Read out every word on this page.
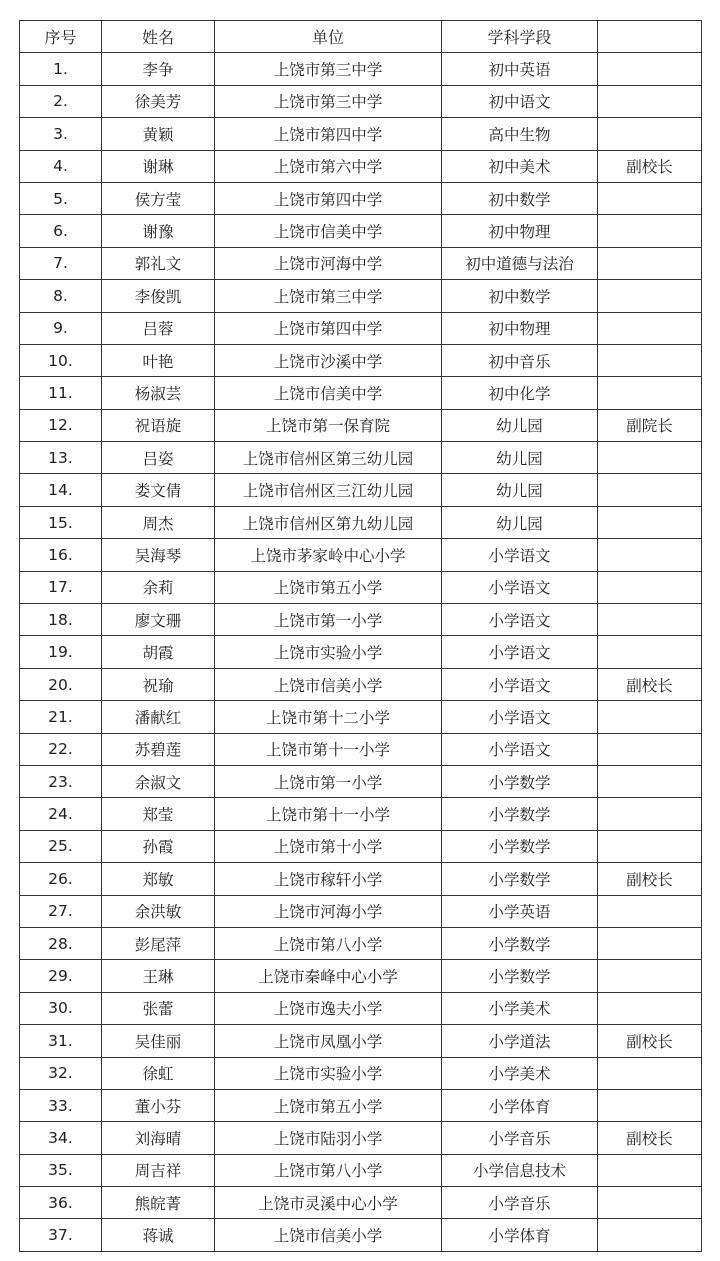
序号	姓名	单位	学科学段	
1.	李争	上饶市第三中学	初中英语	
2.	徐美芳	上饶市第三中学	初中语文	
3.	黄颖	上饶市第四中学	高中生物	
4.	谢琳	上饶市第六中学	初中美术	副校长
5.	侯方莹	上饶市第四中学	初中数学	
6.	谢豫	上饶市信美中学	初中物理	
7.	郭礼文	上饶市河海中学	初中道德与法治	
8.	李俊凯	上饶市第三中学	初中数学	
9.	吕蓉	上饶市第四中学	初中物理	
10.	叶艳	上饶市沙溪中学	初中音乐	
11.	杨淑芸	上饶市信美中学	初中化学	
12.	祝语旋	上饶市第一保育院	幼儿园	副院长
13.	吕姿	上饶市信州区第三幼儿园	幼儿园	
14.	娄文倩	上饶市信州区三江幼儿园	幼儿园	
15.	周杰	上饶市信州区第九幼儿园	幼儿园	
16.	吴海琴	上饶市茅家岭中心小学	小学语文	
17.	余莉	上饶市第五小学	小学语文	
18.	廖文珊	上饶市第一小学	小学语文	
19.	胡霞	上饶市实验小学	小学语文	
20.	祝瑜	上饶市信美小学	小学语文	副校长
21.	潘献红	上饶市第十二小学	小学语文	
22.	苏碧莲	上饶市第十一小学	小学语文	
23.	余淑文	上饶市第一小学	小学数学	
24.	郑莹	上饶市第十一小学	小学数学	
25.	孙霞	上饶市第十小学	小学数学	
26.	郑敏	上饶市稼轩小学	小学数学	副校长
27.	余洪敏	上饶市河海小学	小学英语	
28.	彭尾萍	上饶市第八小学	小学数学	
29.	王琳	上饶市秦峰中心小学	小学数学	
30.	张蕾	上饶市逸夫小学	小学美术	
31.	吴佳丽	上饶市凤凰小学	小学道法	副校长
32.	徐虹	上饶市实验小学	小学美术	
33.	董小芬	上饶市第五小学	小学体育	
34.	刘海晴	上饶市陆羽小学	小学音乐	副校长
35.	周吉祥	上饶市第八小学	小学信息技术	
36.	熊皖菁	上饶市灵溪中心小学	小学音乐	
37.	蒋诚	上饶市信美小学	小学体育	
